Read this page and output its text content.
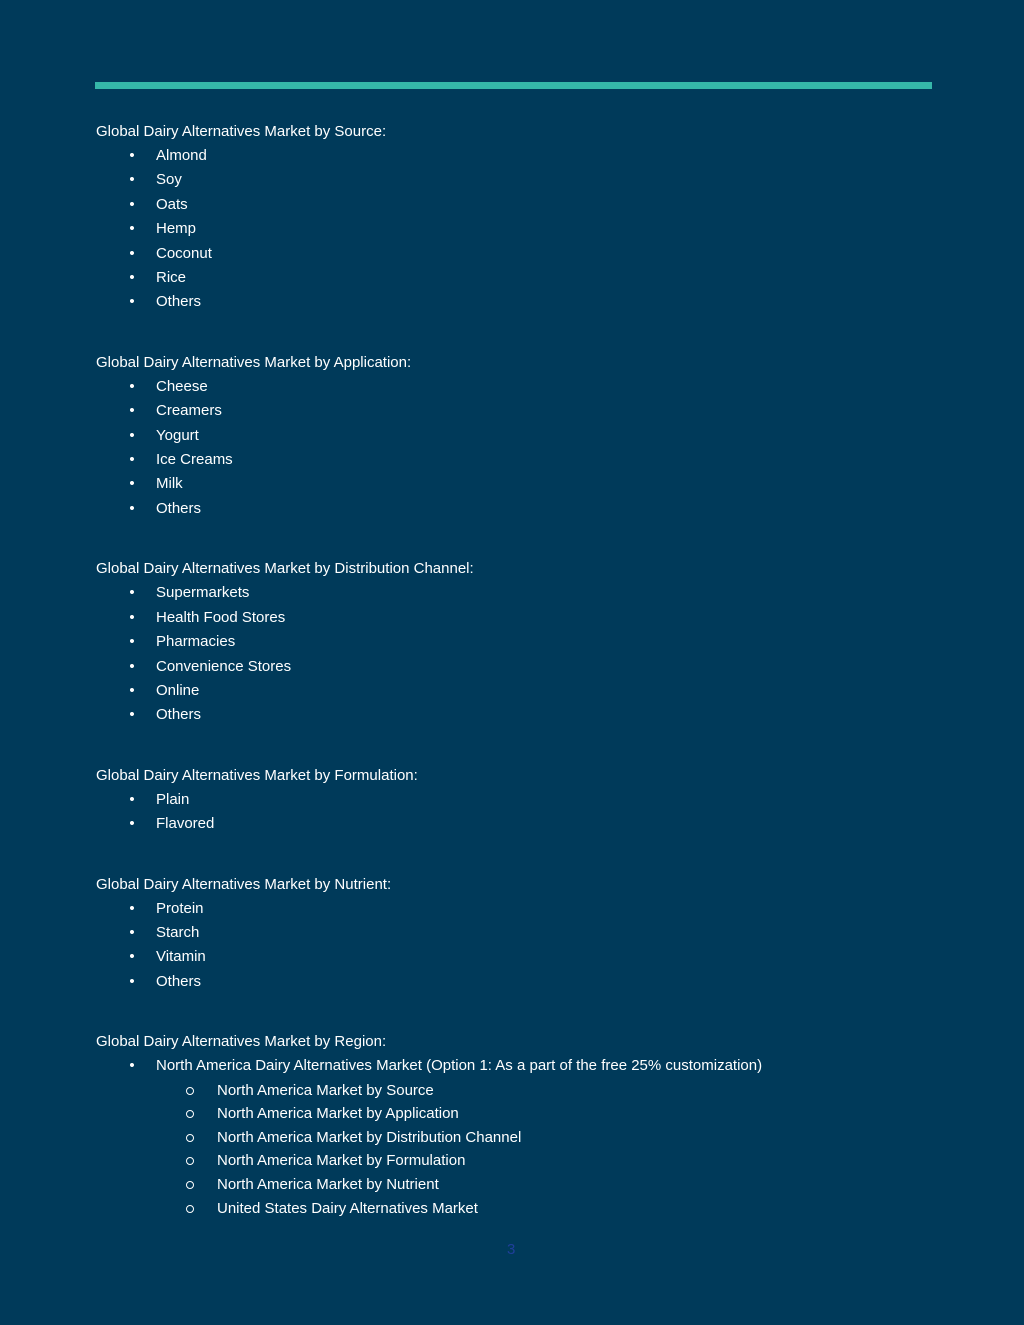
Global Dairy Alternatives Market by Source:
• Almond
• Soy
• Oats
• Hemp
• Coconut
• Rice
• Others
Global Dairy Alternatives Market by Application:
• Cheese
• Creamers
• Yogurt
• Ice Creams
• Milk
• Others
Global Dairy Alternatives Market by Distribution Channel:
• Supermarkets
• Health Food Stores
• Pharmacies
• Convenience Stores
• Online
• Others
Global Dairy Alternatives Market by Formulation:
• Plain
• Flavored
Global Dairy Alternatives Market by Nutrient:
• Protein
• Starch
• Vitamin
• Others
Global Dairy Alternatives Market by Region:
• North America Dairy Alternatives Market (Option 1: As a part of the free 25% customization)
North America Market by Source
North America Market by Application
North America Market by Distribution Channel
North America Market by Formulation
North America Market by Nutrient
United States Dairy Alternatives Market
3
